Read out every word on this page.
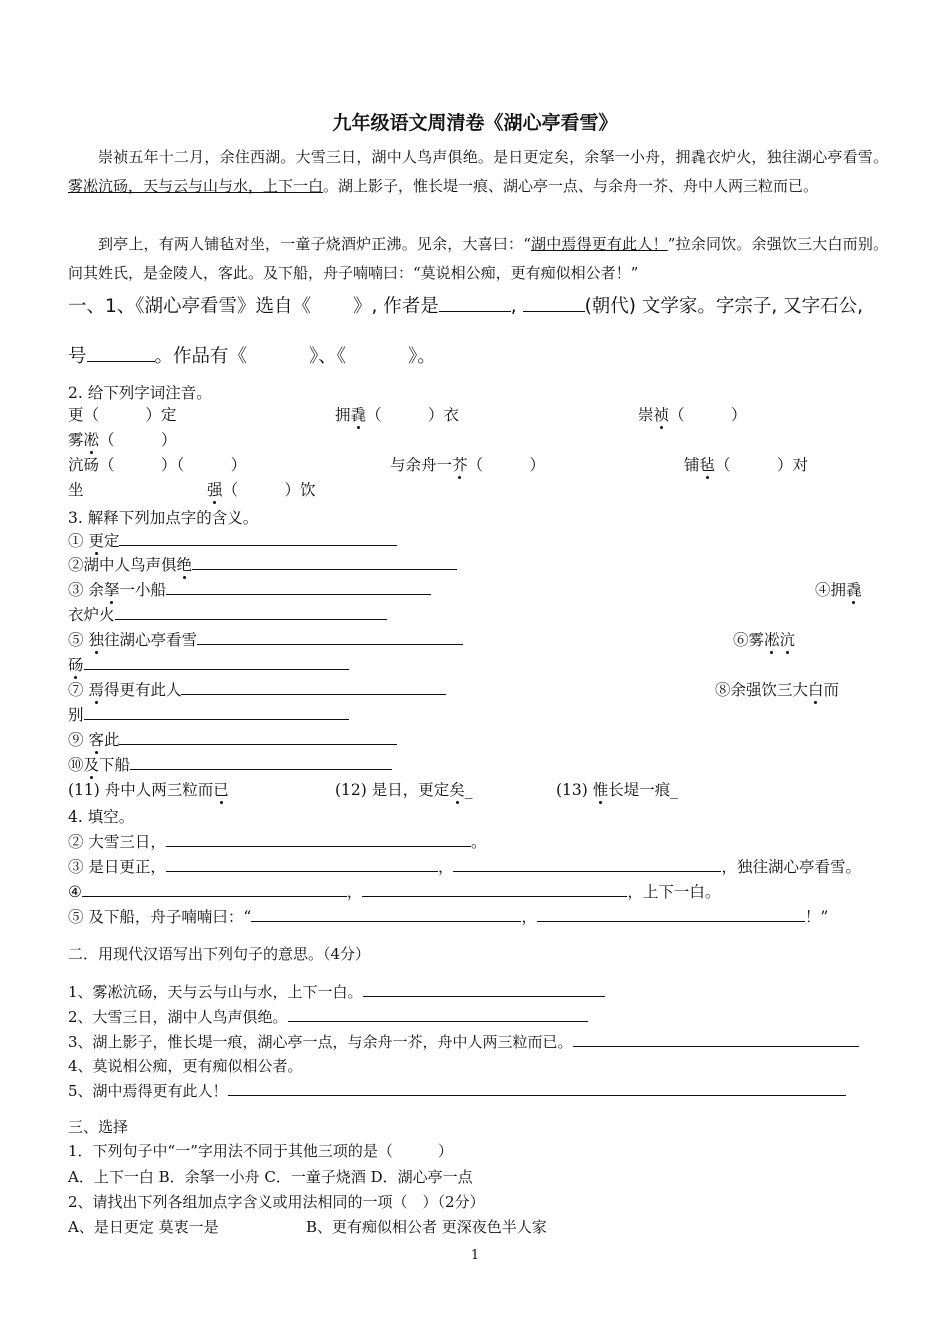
九年级语文周清卷《湖心亭看雪》
崇祯五年十二月，余住西湖。大雪三日，湖中人鸟声俱绝。是日更定矣，余拏一小舟，拥毳衣炉火，独往湖心亭看雪。雾凇沆砀，天与云与山与水，上下一白。湖上影子，惟长堤一痕、湖心亭一点、与余舟一芥、舟中人两三粒而已。
到亭上，有两人铺毡对坐，一童子烧酒炉正沸。见余，大喜曰：“湖中焉得更有此人！”拉余同饮。余强饮三大白而别。问其姓氏，是金陵人，客此。及下船，舟子喃喃曰：“莫说相公痴，更有痴似相公者！”
一、1、《湖心亭看雪》选自《 》, 作者是	,	(朝代) 文学家。字宗子, 又字石公,
号	。作品有《	》、《	》。
2. 给下列字词注音。
更（　　　）定	拥毳（　　　）衣	崇祯（　　　）
雾凇（　　　）
沆砀（　　　）（　　　）	与余舟一芥（　　　）	铺毡（　　　）对
坐	强（　　　）饮
3. 解释下列加点字的含义。
① 更定
②湖中人鸟声俱绝
③ 余拏一小船	④拥毳
衣炉火
⑤ 独往湖心亭看雪	⑥雾凇沆
砀
⑦ 焉得更有此人	⑧余强饮三大白而
别
⑨ 客此
⑩及下船
(11) 舟中人两三粒而已	(12) 是日，更定矣_	(13) 惟长堤一痕_
4. 填空。
② 大雪三日，	。
③ 是日更正，	，	，独往湖心亭看雪。
④	，	，上下一白。
⑤ 及下船，舟子喃喃曰：“	，	！”
二．用现代汉语写出下列句子的意思。（4分）
1、雾凇沆砀，天与云与山与水，上下一白。
2、大雪三日，湖中人鸟声俱绝。
3、湖上影子，惟长堤一痕，湖心亭一点，与余舟一芥，舟中人两三粒而已。
4、莫说相公痴，更有痴似相公者。
5、湖中焉得更有此人！
三、选择
1．下列句子中“一”字用法不同于其他三项的是（　　　）
A．上下一白 B．余拏一小舟 C．一童子烧酒 D．湖心亭一点
2、请找出下列各组加点字含义或用法相同的一项（　）（2分）
A、是日更定 莫衷一是	B、更有痴似相公者 更深夜色半人家
1
